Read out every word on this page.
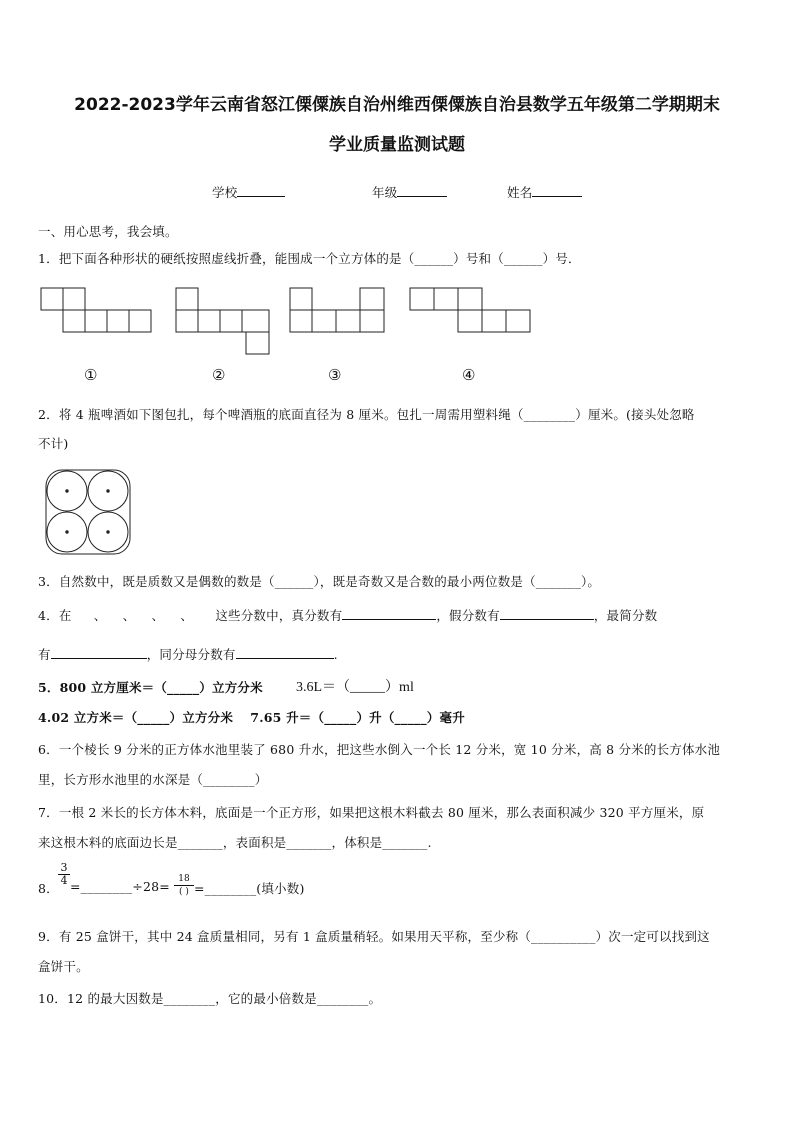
2022-2023学年云南省怒江傈僳族自治州维西傈僳族自治县数学五年级第二学期期末
学业质量监测试题
学校	年级	姓名
一、用心思考，我会填。
1．把下面各种形状的硬纸按照虚线折叠，能围成一个立方体的是（______）号和（______）号．
①	②	③	④
2．将 4 瓶啤酒如下图包扎，每个啤酒瓶的底面直径为 8 厘米。包扎一周需用塑料绳（________）厘米。(接头处忽略
不计)
3．自然数中，既是质数又是偶数的数是（______），既是奇数又是合数的最小两位数是（_______）。
4．在 、 、 、 、 这些分数中，真分数有	，假分数有	，最简分数
有	，同分母分数有	.
5．800 立方厘米＝（_____）立方分米 3.6L＝（_____）ml
4.02 立方米＝（_____）立方分米　 7.65 升＝（_____）升（_____）毫升
6．一个棱长 9 分米的正方体水池里装了 680 升水，把这些水倒入一个长 12 分米，宽 10 分米，高 8 分米的长方体水池
里，长方形水池里的水深是（________）
7．一根 2 米长的长方体木料，底面是一个正方形，如果把这根木料截去 80 厘米，那么表面积减少 320 平方厘米，原
来这根木料的底面边长是_______，表面积是_______，体积是_______.
8．
$\frac{3}{4}$ =________÷28= 18
( ) =________(填小数)
9．有 25 盒饼干，其中 24 盒质量相同，另有 1 盒质量稍轻。如果用天平称，至少称（__________）次一定可以找到这
盒饼干。
10．12 的最大因数是________，它的最小倍数是________。
